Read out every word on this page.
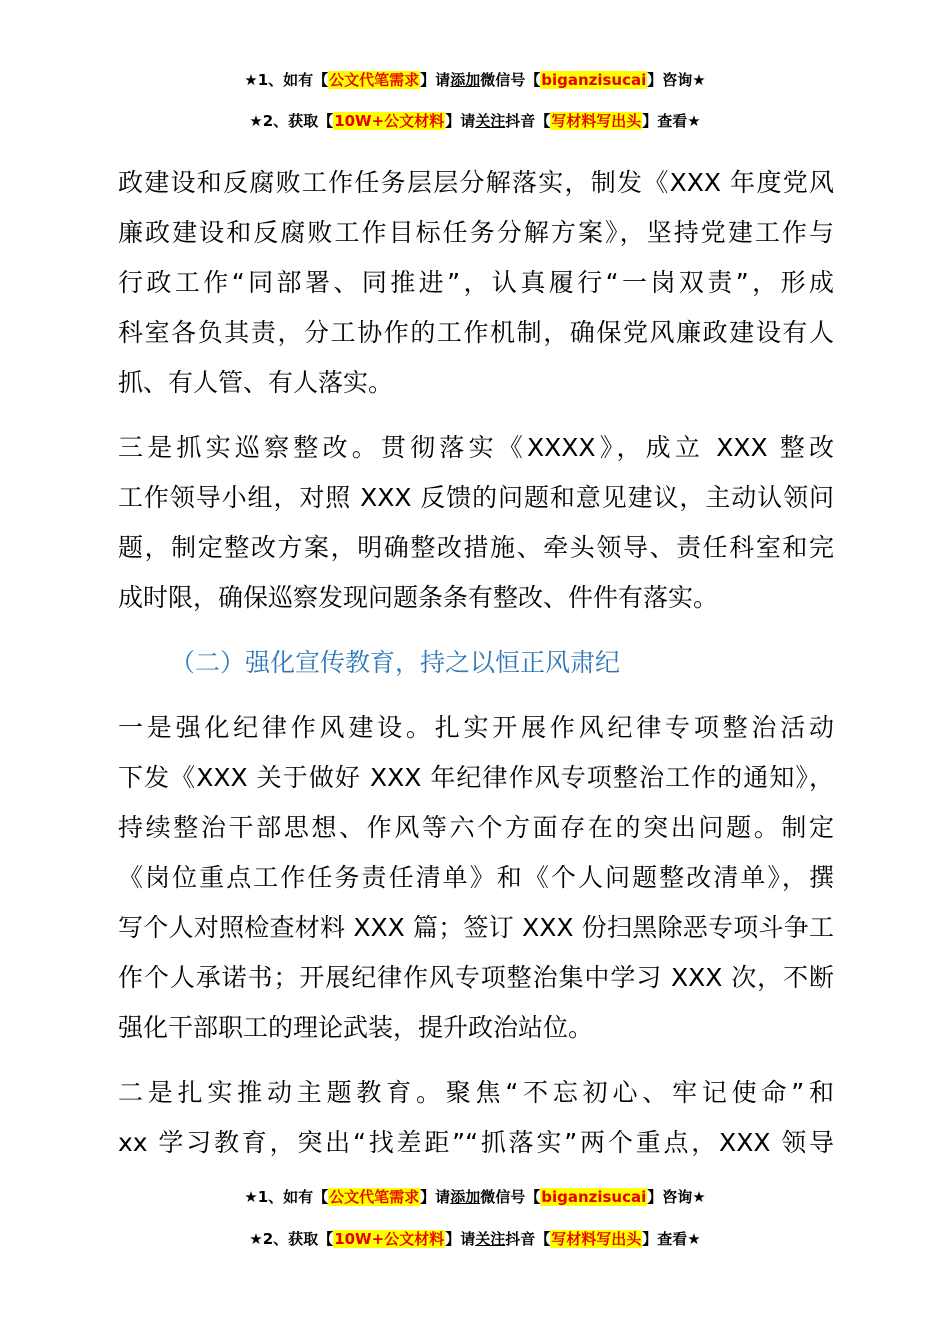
★1、如有【公文代笔需求】请添加微信号【biganzisucai】咨询★
★2、获取【10W+公文材料】请关注抖音【写材料写出头】查看★
政建设和反腐败工作任务层层分解落实，制发《XXX 年度党风
廉政建设和反腐败工作目标任务分解方案》，坚持党建工作与
行政工作“同部署、同推进”，认真履行“一岗双责”，形成
科室各负其责，分工协作的工作机制，确保党风廉政建设有人
抓、有人管、有人落实。
三是抓实巡察整改。贯彻落实《XXXX》，成立 XXX 整改
工作领导小组，对照 XXX 反馈的问题和意见建议，主动认领问
题，制定整改方案，明确整改措施、牵头领导、责任科室和完
成时限，确保巡察发现问题条条有整改、件件有落实。
（二）强化宣传教育，持之以恒正风肃纪
一是强化纪律作风建设。扎实开展作风纪律专项整治活动
下发《XXX 关于做好 XXX 年纪律作风专项整治工作的通知》，
持续整治干部思想、作风等六个方面存在的突出问题。制定
《岗位重点工作任务责任清单》和《个人问题整改清单》，撰
写个人对照检查材料 XXX 篇；签订 XXX 份扫黑除恶专项斗争工
作个人承诺书；开展纪律作风专项整治集中学习 XXX 次，不断
强化干部职工的理论武装，提升政治站位。
二是扎实推动主题教育。聚焦“不忘初心、牢记使命”和
xx 学习教育，突出“找差距”“抓落实”两个重点，XXX 领导
★1、如有【公文代笔需求】请添加微信号【biganzisucai】咨询★
★2、获取【10W+公文材料】请关注抖音【写材料写出头】查看★
